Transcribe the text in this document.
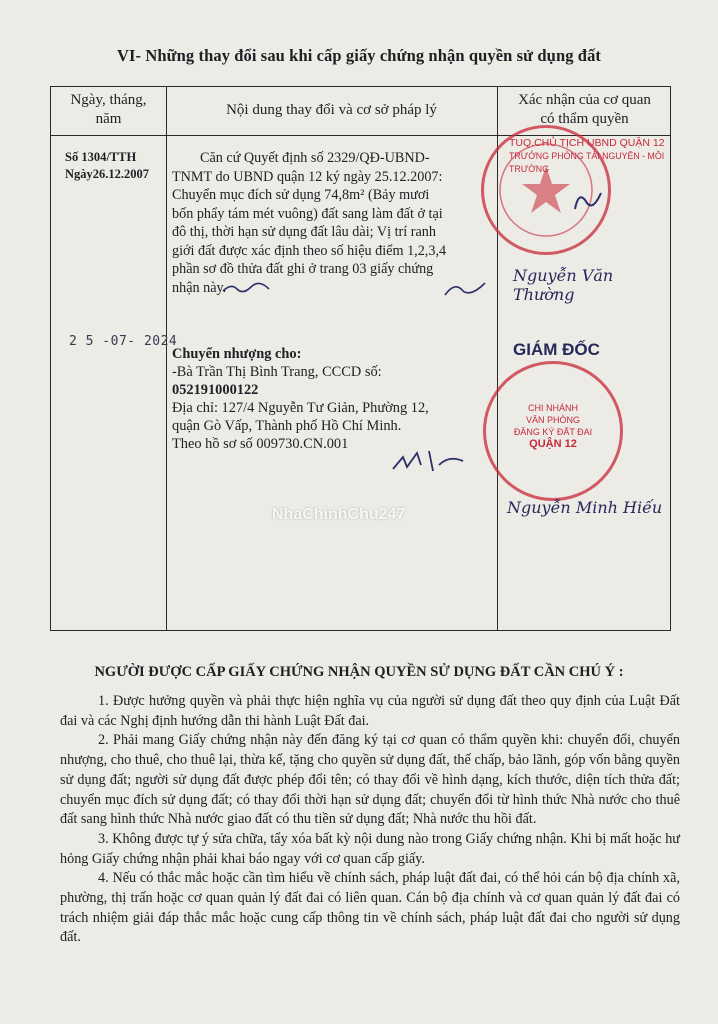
VI- Những thay đổi sau khi cấp giấy chứng nhận quyền sử dụng đất
Ngày, tháng,
năm
Nội dung thay đổi và cơ sở pháp lý
Xác nhận của cơ quan
có thẩm quyền
Số 1304/TTH
Ngày26.12.2007
Căn cứ Quyết định số 2329/QĐ-UBND-
TNMT do UBND quận 12 ký ngày 25.12.2007:
Chuyển mục đích sử dụng 74,8m² (Bảy mươi
bốn phẩy tám mét vuông) đất sang làm đất ở tại
đô thị, thời hạn sử dụng đất lâu dài; Vị trí ranh
giới đất được xác định theo số hiệu điểm 1,2,3,4
phần sơ đồ thửa đất ghi ở trang 03 giấy chứng
nhận này.
2 5 -07- 2024
Chuyển nhượng cho:
-Bà Trần Thị Bình Trang, CCCD số:
052191000122
Địa chỉ: 127/4 Nguyễn Tư Giản, Phường 12,
quận Gò Vấp, Thành phố Hồ Chí Minh.
Theo hồ sơ số 009730.CN.001
TUQ.CHỦ TỊCH UBND QUẬN 12
TRƯỞNG PHÒNG TÀI NGUYÊN - MÔI TRƯỜNG
Nguyễn Văn Thường
GIÁM ĐỐC
CHI NHÁNH
VĂN PHÒNG
ĐĂNG KÝ ĐẤT ĐAI
QUẬN 12
Nguyễn Minh Hiếu
NhaChinhChu247
NGƯỜI ĐƯỢC CẤP GIẤY CHỨNG NHẬN QUYỀN SỬ DỤNG ĐẤT CẦN CHÚ Ý :

1. Được hưởng quyền và phải thực hiện nghĩa vụ của người sử dụng đất theo quy định của Luật Đất đai và các Nghị định hướng dẫn thi hành Luật Đất đai.

2. Phải mang Giấy chứng nhận này đến đăng ký tại cơ quan có thẩm quyền khi: chuyển đổi, chuyển nhượng, cho thuê, cho thuê lại, thừa kế, tặng cho quyền sử dụng đất, thế chấp, bảo lãnh, góp vốn bằng quyền sử dụng đất; người sử dụng đất được phép đổi tên; có thay đổi về hình dạng, kích thước, diện tích thửa đất; chuyển mục đích sử dụng đất; có thay đổi thời hạn sử dụng đất; chuyển đổi từ hình thức Nhà nước cho thuê đất sang hình thức Nhà nước giao đất có thu tiền sử dụng đất; Nhà nước thu hồi đất.

3. Không được tự ý sửa chữa, tẩy xóa bất kỳ nội dung nào trong Giấy chứng nhận. Khi bị mất hoặc hư hỏng Giấy chứng nhận phải khai báo ngay với cơ quan cấp giấy.

4. Nếu có thắc mắc hoặc cần tìm hiểu về chính sách, pháp luật đất đai, có thể hỏi cán bộ địa chính xã, phường, thị trấn hoặc cơ quan quản lý đất đai có liên quan. Cán bộ địa chính và cơ quan quản lý đất đai có trách nhiệm giải đáp thắc mắc hoặc cung cấp thông tin về chính sách, pháp luật đất đai cho người sử dụng đất.
